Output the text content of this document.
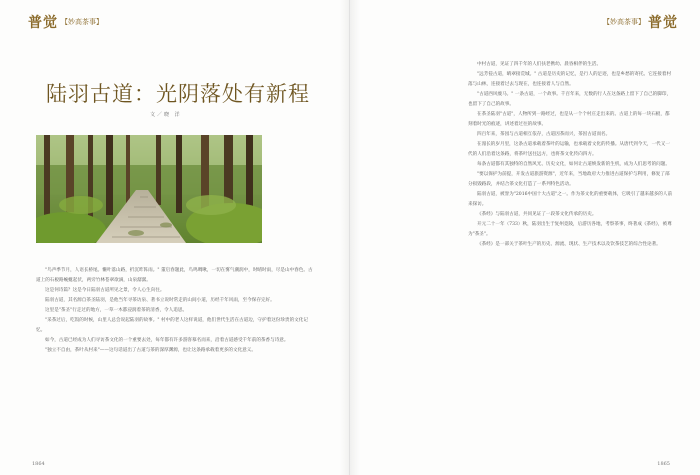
普觉 【妙高茶事】
陆羽古道：光阴落处有新程
文／晓 洋

"鸟声季节月，人语长桥尾。懒叶落山路，折沉昨阵雨。" 董启春题此，鸟鸣啁啾，一切在雾气潮润中，时晴时雨，尽是山中春色。古道上的石板路蜿蜒起伏，两旁竹林苍翠欲滴，山泉潺潺。

这是何诗篇？这是今日陆羽古道所见之景，令人心生向往。

陆羽古道，其名源自茶圣陆羽，是他当年寻茶访泉、著书立说时常走的山间小道，历经千年风雨，至今保存完好。

这里是"茶圣"行走过的地方，一草一木都浸润着茶的清香，令人追思。

"采茶过后，吃饭的时候，山里人总会说起陆羽的故事。" 村中的老人这样说道，他们世代生活在古道边，守护着这份珍贵的文化记忆。

如今，古道已经成为人们寻访茶文化的一个重要去处，每年都有许多游客慕名而来，沿着古道感受千年前的茶香与诗意。

"独立不自由，茶叶从村来"——这句话道出了古道与茶的深厚渊源，也让这条路承载着更多的文化意义。

1864
【妙高茶事】 普觉
1865

中村古道，见证了四千年的人们扶老携幼、晨昏相伴的生活。

"远芳侵古道，晴翠接荒城。" 古道是历史的记忆，是行人的足迹，也是乡愁的寄托。它连接着村落与山林，连接着过去与现在，也连接着人与自然。

"古道西风瘦马。" 一条古道，一个故事。千百年来，无数的行人在这条路上留下了自己的脚印，也留下了自己的故事。

在茶圣陆羽"古道"，人物所到一路经过，也是从一个个村庄走出来的。古道上的每一块石板，都刻着时光的痕迹，讲述着过往的故事。

四百年来，茶园与古道相互依存，古道因茶而兴，茶因古道而名。

在漫长的岁月里，这条古道承载着茶叶的运输，也承载着文化的传播。从唐代到今天，一代又一代的人们沿着这条路，将茶叶送往远方，也将茶文化传向四方。

每条古道都有其独特的自然风光、历史文化，如何让古道焕发新的生机，成为人们思考的问题。

"要以保护为前提，开发古道旅游资源"，近年来，当地政府大力推进古道保护与利用，修复了部分损毁路段，并结合茶文化打造了一系列特色活动。

陆羽古道，被誉为"2016中国十大古道"之一。作为茶文化的重要载体，它吸引了越来越多的人前来探访。

《茶经》与陆羽古道，共同见证了一段茶文化传承的历史。

开元二十一年（733）秋，陆羽出生于复州竟陵，后游历各地，考察茶事，终著成《茶经》，被尊为"茶圣"。

《茶经》是一部关于茶叶生产的历史、源流、现状、生产技术以及饮茶技艺的综合性论著。
